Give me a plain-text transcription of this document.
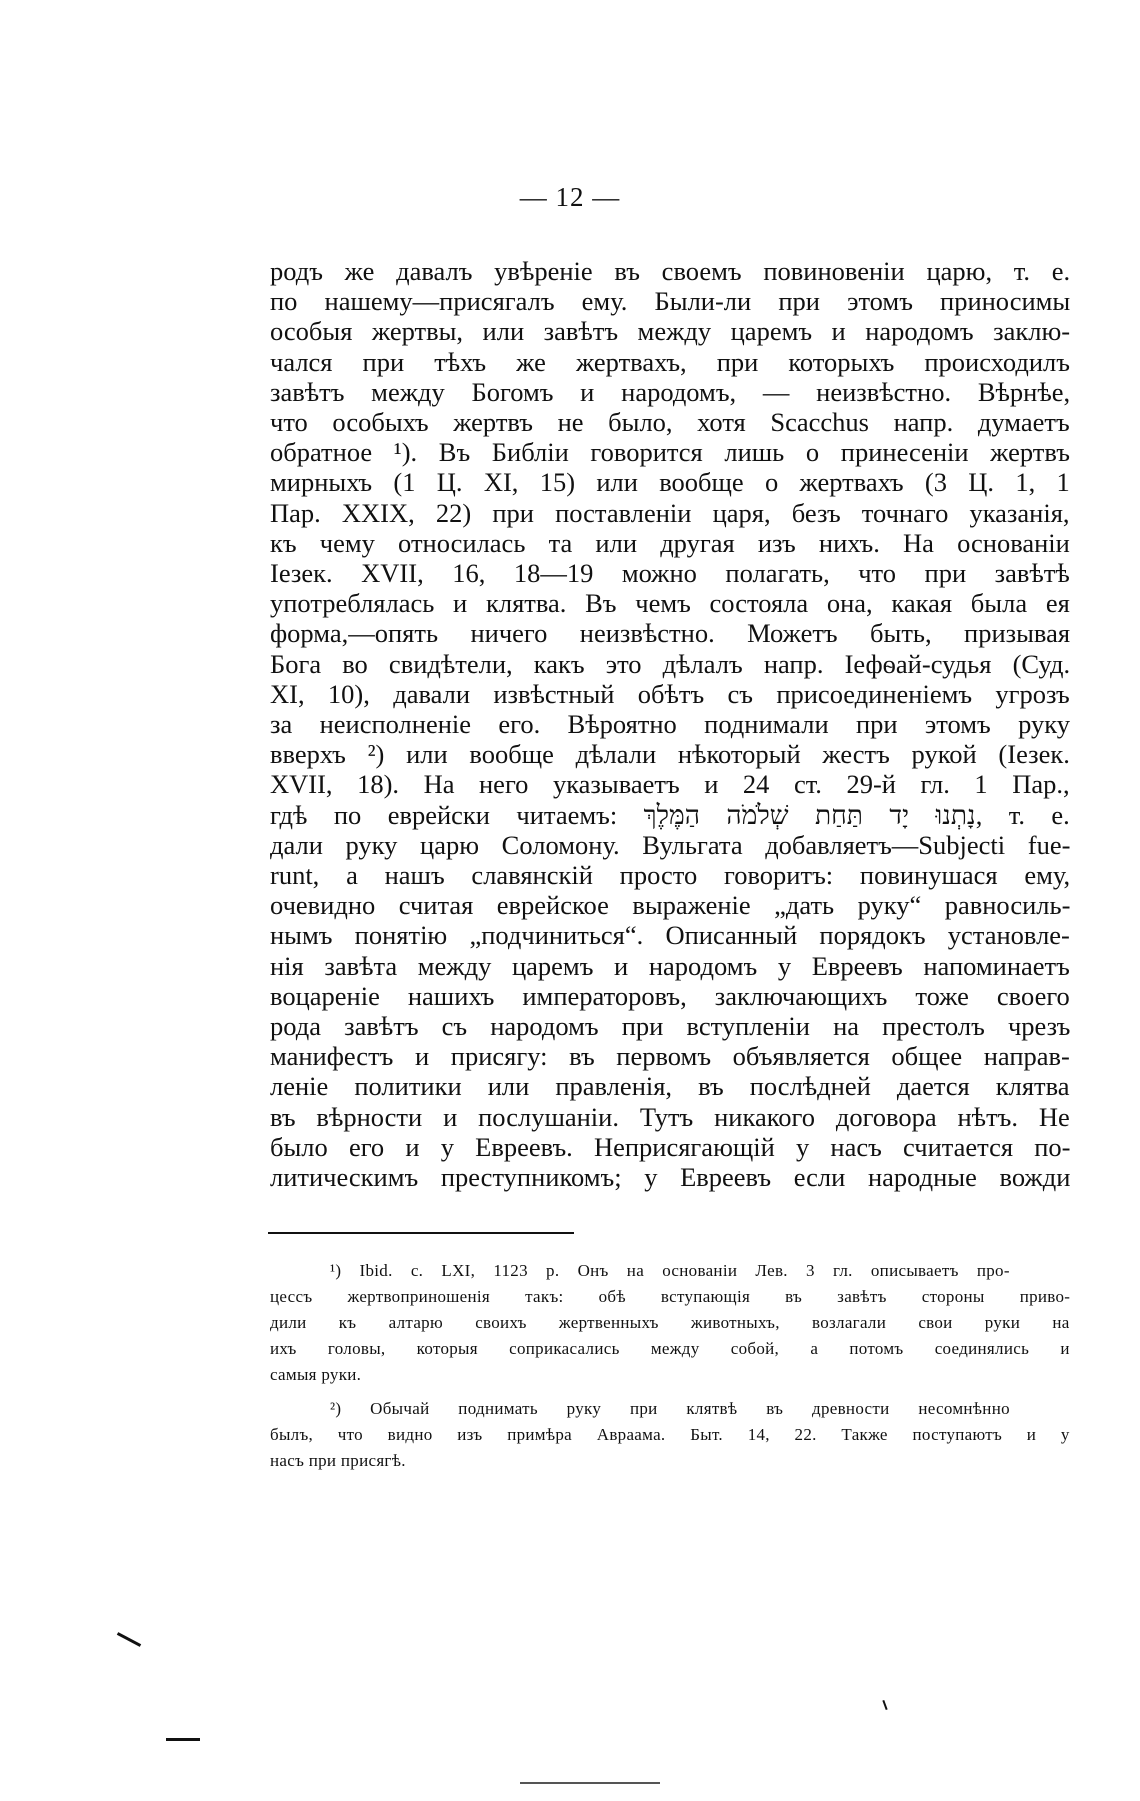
— 12 —
родъ же давалъ увѣреніе въ своемъ повиновеніи царю, т. е.
по нашему—присягалъ ему. Были-ли при этомъ приносимы
особыя жертвы, или завѣтъ между царемъ и народомъ заклю-
чался при тѣхъ же жертвахъ, при которыхъ происходилъ
завѣтъ между Богомъ и народомъ, — неизвѣстно. Вѣрнѣе,
что особыхъ жертвъ не было, хотя Scacchus напр. думаетъ
обратное ¹). Въ Библіи говорится лишь о принесеніи жертвъ
мирныхъ (1 Ц. XI, 15) или вообще о жертвахъ (3 Ц. 1, 1
Пар. XXIX, 22) при поставленіи царя, безъ точнаго указанія,
къ чему относилась та или другая изъ нихъ. На основаніи
Іезек. XVII, 16, 18—19 можно полагать, что при завѣтѣ
употреблялась и клятва. Въ чемъ состояла она, какая была ея
форма,—опять ничего неизвѣстно. Можетъ быть, призывая
Бога во свидѣтели, какъ это дѣлалъ напр. Іефѳай-судья (Суд.
XI, 10), давали извѣстный обѣтъ съ присоединеніемъ угрозъ
за неисполненіе его. Вѣроятно поднимали при этомъ руку
вверхъ ²) или вообще дѣлали нѣкоторый жестъ рукой (Іезек.
XVII, 18). На него указываетъ и 24 ст. 29-й гл. 1 Пар.,
гдѣ по еврейски читаемъ: נָתְנוּ יָד תַּחַת שְׁלֹמֹה הַמֶּלֶךְ, т. е.
дали руку царю Соломону. Вульгата добавляетъ—Subjecti fue-
runt, а нашъ славянскій просто говоритъ: повинушася ему,
очевидно считая еврейское выраженіе „дать руку“ равносиль-
нымъ понятію „подчиниться“. Описанный порядокъ установле-
нія завѣта между царемъ и народомъ у Евреевъ напоминаетъ
воцареніе нашихъ императоровъ, заключающихъ тоже своего
рода завѣтъ съ народомъ при вступленіи на престолъ чрезъ
манифестъ и присягу: въ первомъ объявляется общее направ-
леніе политики или правленія, въ послѣдней дается клятва
въ вѣрности и послушаніи. Тутъ никакого договора нѣтъ. Не
было его и у Евреевъ. Неприсягающій у насъ считается по-
литическимъ преступникомъ; у Евреевъ если народные вожди
¹) Ibid. c. LXI, 1123 p. Онъ на основаніи Лев. 3 гл. описываетъ про-
цессъ жертвоприношенія такъ: обѣ вступающія въ завѣтъ стороны приво-
дили къ алтарю своихъ жертвенныхъ животныхъ, возлагали свои руки на
ихъ головы, которыя соприкасались между собой, а потомъ соединялись и
самыя руки.
²) Обычай поднимать руку при клятвѣ въ древности несомнѣнно
былъ, что видно изъ примѣра Авраама. Быт. 14, 22. Также поступаютъ и у
насъ при присягѣ.
